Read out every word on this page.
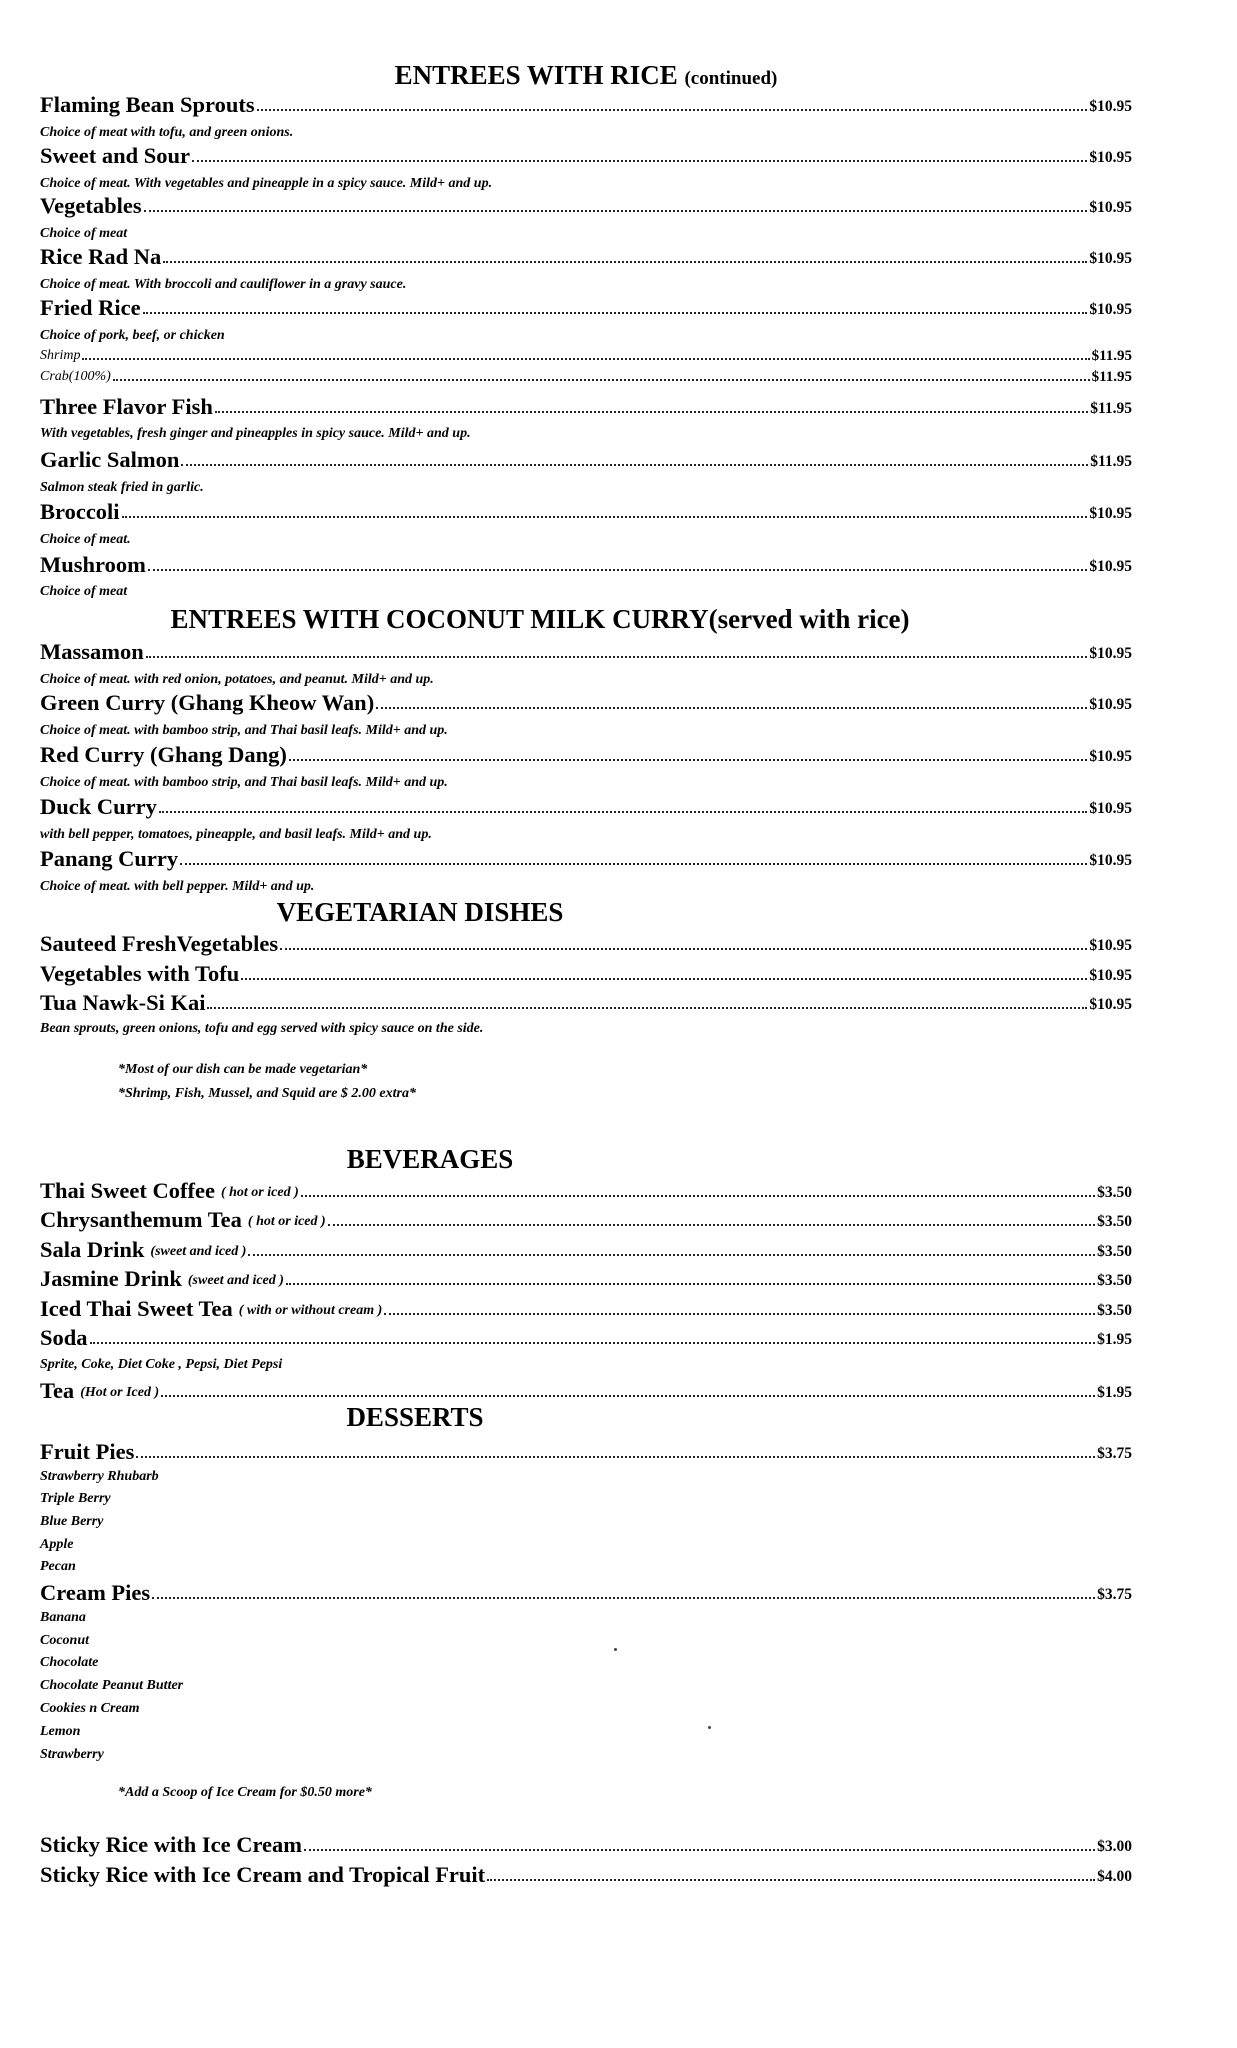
ENTREES WITH RICE (continued)
Flaming Bean Sprouts	$10.95
Choice of meat with tofu, and green onions.
Sweet and Sour	$10.95
Choice of meat. With vegetables and pineapple in a spicy sauce. Mild+ and up.
Vegetables	$10.95
Choice of meat
Rice Rad Na	$10.95
Choice of meat. With broccoli and cauliflower in a gravy sauce.
Fried Rice	$10.95
Choice of pork, beef, or chicken
Shrimp	$11.95
Crab(100%)	$11.95
Three Flavor Fish	$11.95
With vegetables, fresh ginger and pineapples in spicy sauce. Mild+ and up.
Garlic Salmon	$11.95
Salmon steak fried in garlic.
Broccoli	$10.95
Choice of meat.
Mushroom	$10.95
Choice of meat
ENTREES WITH COCONUT MILK CURRY(served with rice)
Massamon	$10.95
Choice of meat. with red onion, potatoes, and peanut. Mild+ and up.
Green Curry (Ghang Kheow Wan)	$10.95
Choice of meat. with bamboo strip, and Thai basil leafs. Mild+ and up.
Red Curry (Ghang Dang)	$10.95
Choice of meat. with bamboo strip, and Thai basil leafs. Mild+ and up.
Duck Curry	$10.95
with bell pepper, tomatoes, pineapple, and basil leafs. Mild+ and up.
Panang Curry	$10.95
Choice of meat. with bell pepper. Mild+ and up.
VEGETARIAN DISHES
Sauteed FreshVegetables	$10.95
Vegetables with Tofu	$10.95
Tua Nawk-Si Kai	$10.95
Bean sprouts, green onions, tofu and egg served with spicy sauce on the side.
*Most of our dish can be made vegetarian*
*Shrimp, Fish, Mussel, and Squid are $ 2.00 extra*
BEVERAGES
Thai Sweet Coffee ( hot or iced )	$3.50
Chrysanthemum Tea ( hot or iced )	$3.50
Sala Drink (sweet and iced )	$3.50
Jasmine Drink (sweet and iced )	$3.50
Iced Thai Sweet Tea ( with or without cream )	$3.50
Soda	$1.95
Sprite, Coke, Diet Coke , Pepsi, Diet Pepsi
Tea (Hot or Iced )	$1.95
DESSERTS
Fruit Pies	$3.75
Strawberry Rhubarb
Triple Berry
Blue Berry
Apple
Pecan
Cream Pies	$3.75
Banana
Coconut
Chocolate
Chocolate Peanut Butter
Cookies n Cream
Lemon
Strawberry
*Add a Scoop of Ice Cream for $0.50 more*
Sticky Rice with Ice Cream	$3.00
Sticky Rice with Ice Cream and Tropical Fruit	$4.00
